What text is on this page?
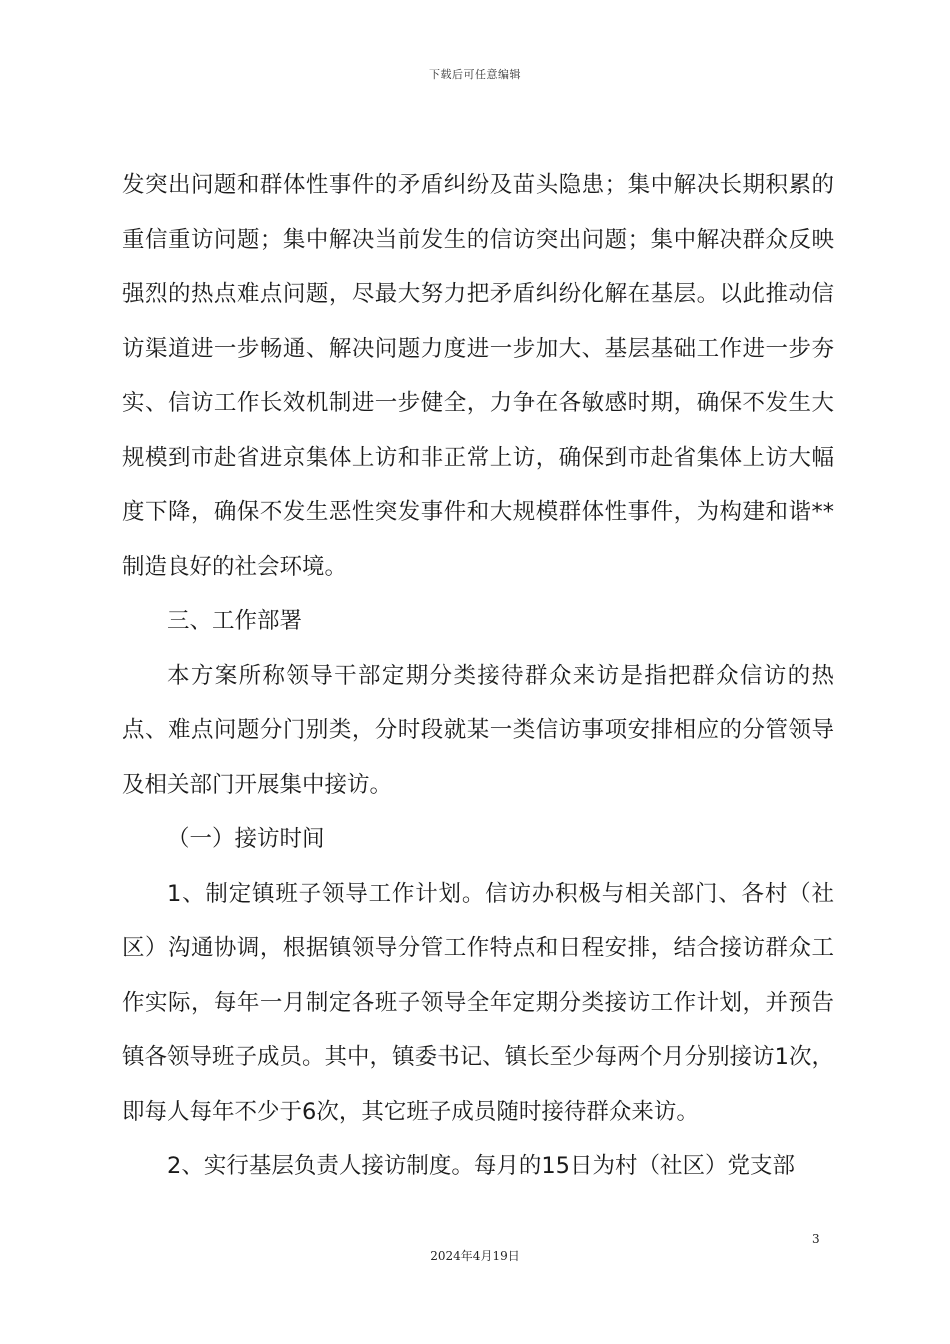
下载后可任意编辑

发突出问题和群体性事件的矛盾纠纷及苗头隐患；集中解决长期积累的重信重访问题；集中解决当前发生的信访突出问题；集中解决群众反映强烈的热点难点问题，尽最大努力把矛盾纠纷化解在基层。以此推动信访渠道进一步畅通、解决问题力度进一步加大、基层基础工作进一步夯实、信访工作长效机制进一步健全，力争在各敏感时期，确保不发生大规模到市赴省进京集体上访和非正常上访，确保到市赴省集体上访大幅度下降，确保不发生恶性突发事件和大规模群体性事件，为构建和谐**制造良好的社会环境。

三、工作部署

本方案所称领导干部定期分类接待群众来访是指把群众信访的热点、难点问题分门别类，分时段就某一类信访事项安排相应的分管领导及相关部门开展集中接访。

（一）接访时间

1、制定镇班子领导工作计划。信访办积极与相关部门、各村（社区）沟通协调，根据镇领导分管工作特点和日程安排，结合接访群众工作实际，每年一月制定各班子领导全年定期分类接访工作计划，并预告镇各领导班子成员。其中，镇委书记、镇长至少每两个月分别接访1次，即每人每年不少于6次，其它班子成员随时接待群众来访。

2、实行基层负责人接访制度。每月的15日为村（社区）党支部

3
2024年4月19日
